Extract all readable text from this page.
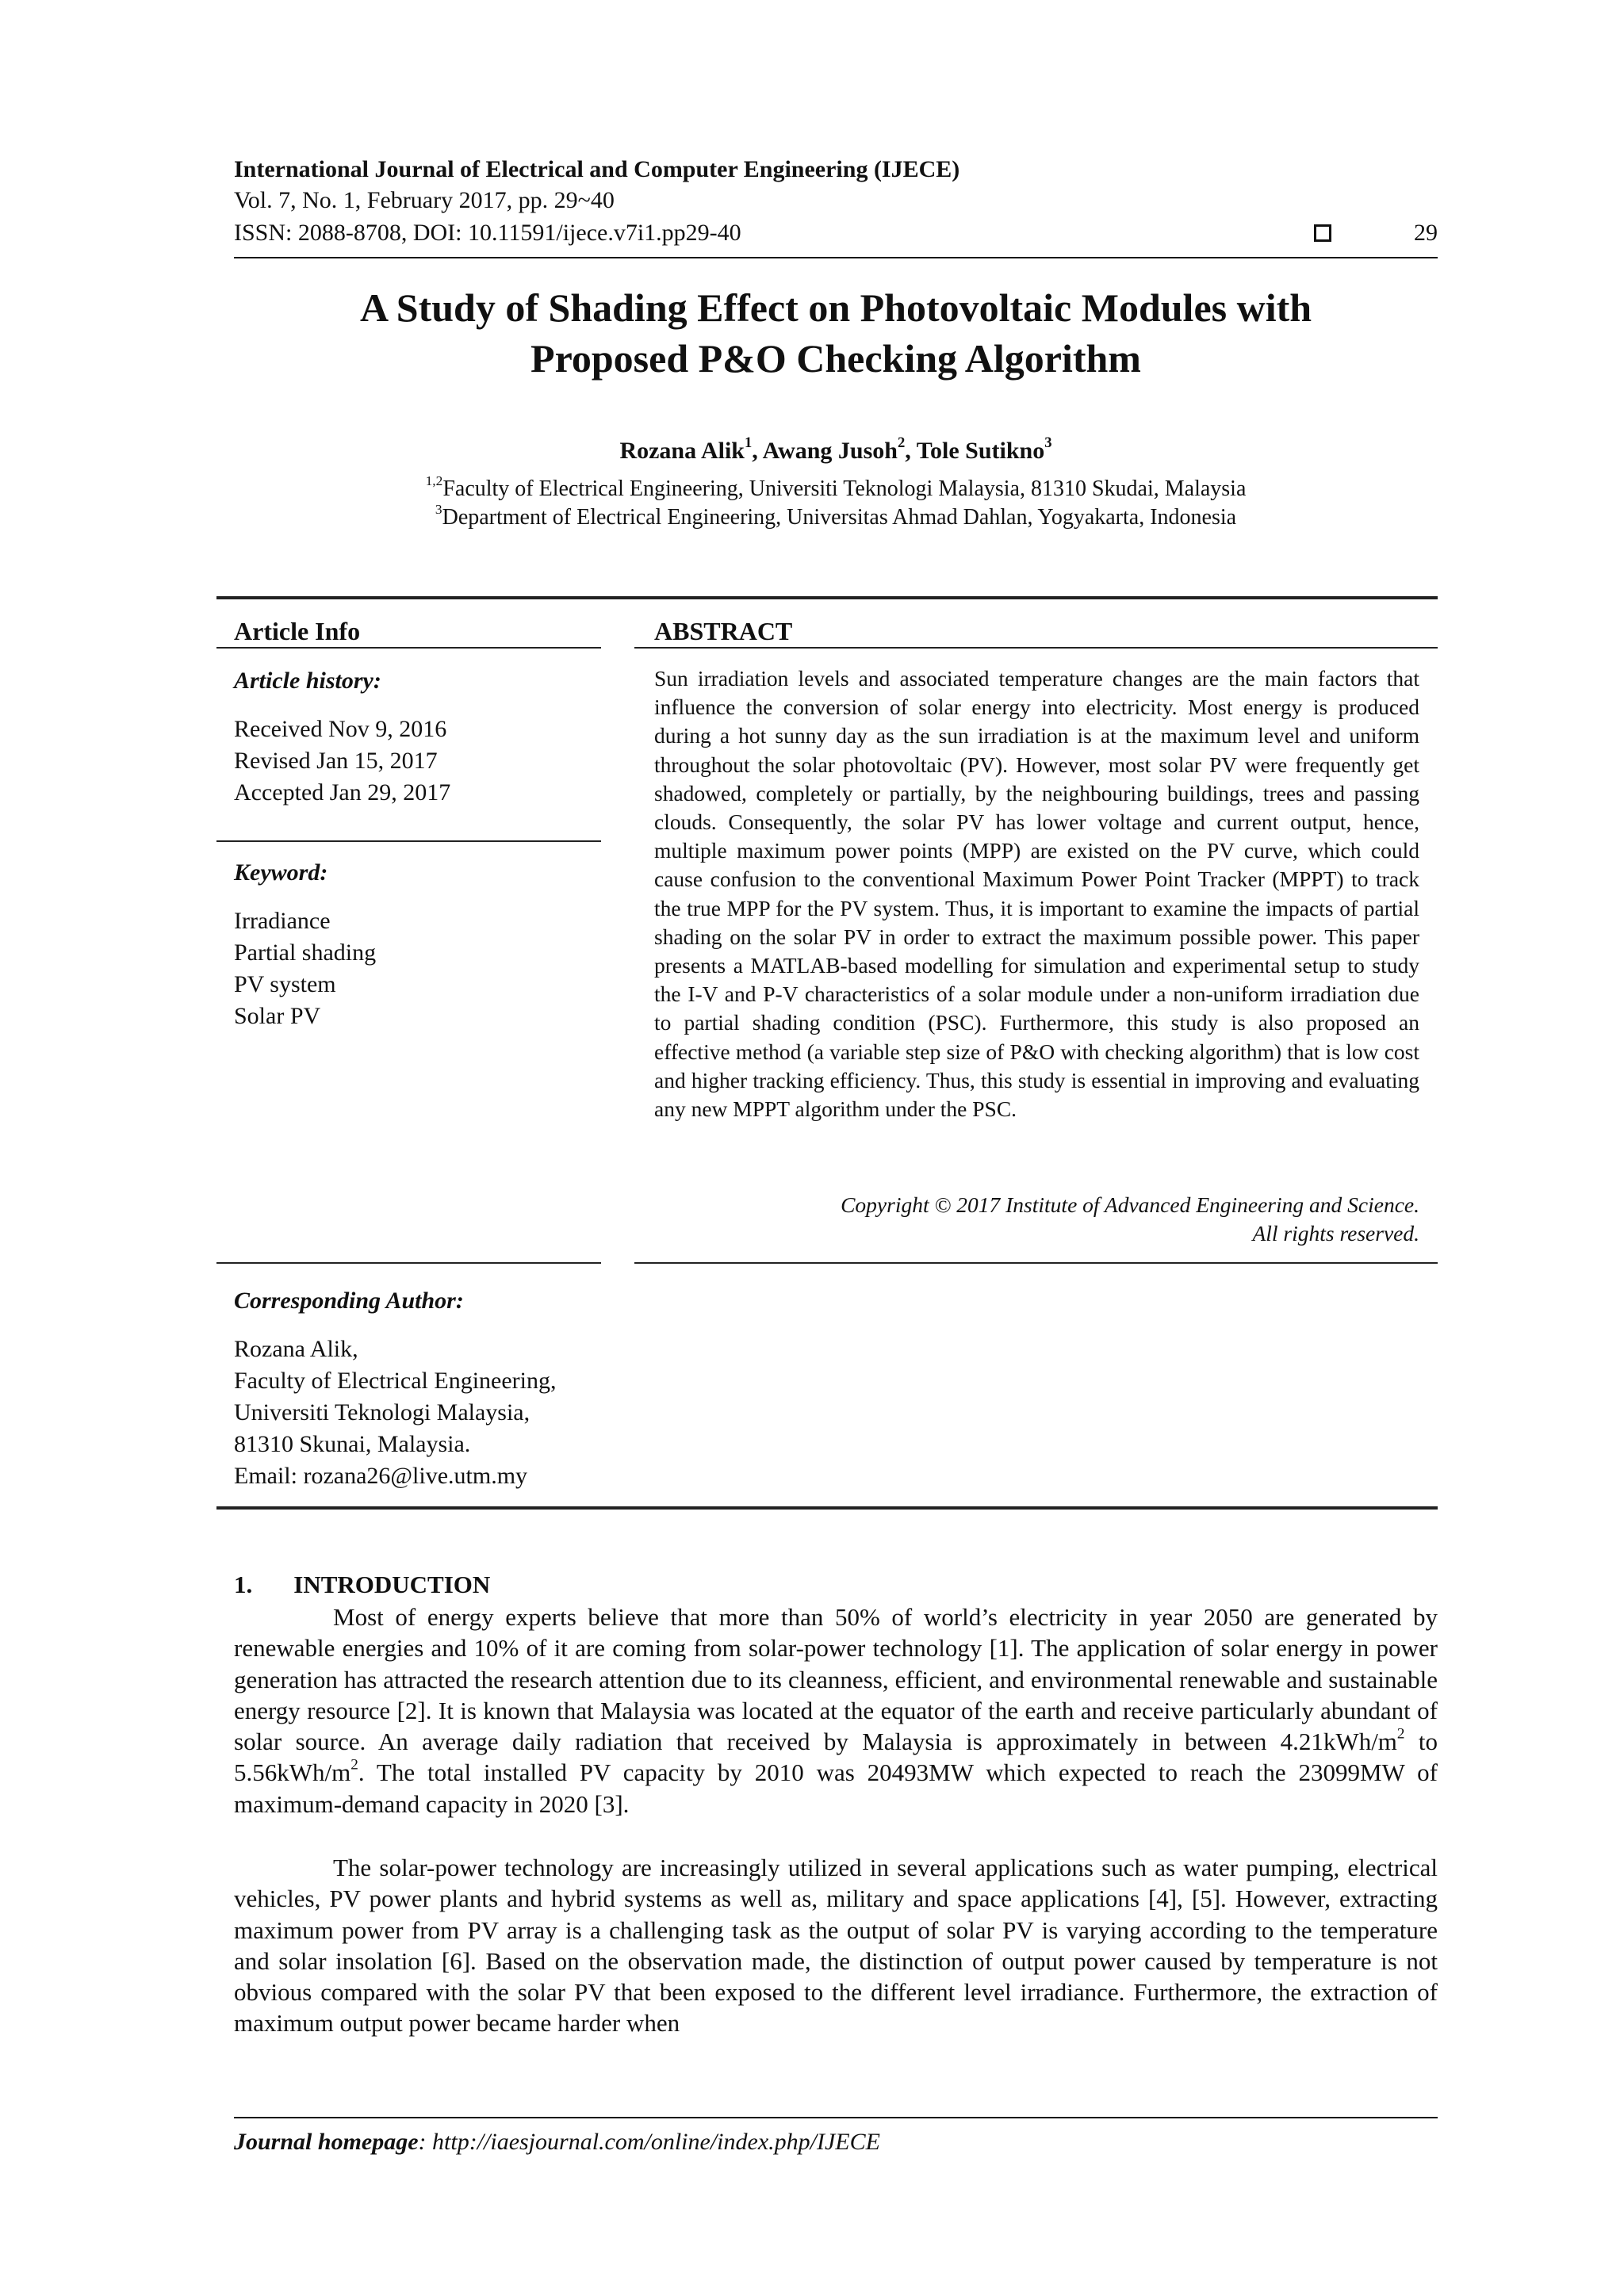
International Journal of Electrical and Computer Engineering (IJECE)
Vol. 7, No. 1, February 2017, pp. 29~40
ISSN: 2088-8708, DOI: 10.11591/ijece.v7i1.pp29-40	29
A Study of Shading Effect on Photovoltaic Modules with
Proposed P&O Checking Algorithm
Rozana Alik$^1$, Awang Jusoh$^2$, Tole Sutikno$^3$
$^{1,2}$Faculty of Electrical Engineering, Universiti Teknologi Malaysia, 81310 Skudai, Malaysia
$^3$Department of Electrical Engineering, Universitas Ahmad Dahlan, Yogyakarta, Indonesia
Article Info
Article history:
Received Nov 9, 2016
Revised Jan 15, 2017
Accepted Jan 29, 2017
Keyword:
Irradiance
Partial shading
PV system
Solar PV
ABSTRACT
Sun irradiation levels and associated temperature changes are the main factors that influence the conversion of solar energy into electricity. Most energy is produced during a hot sunny day as the sun irradiation is at the maximum level and uniform throughout the solar photovoltaic (PV). However, most solar PV were frequently get shadowed, completely or partially, by the neighbouring buildings, trees and passing clouds. Consequently, the solar PV has lower voltage and current output, hence, multiple maximum power points (MPP) are existed on the PV curve, which could cause confusion to the conventional Maximum Power Point Tracker (MPPT) to track the true MPP for the PV system. Thus, it is important to examine the impacts of partial shading on the solar PV in order to extract the maximum possible power. This paper presents a MATLAB-based modelling for simulation and experimental setup to study the I-V and P-V characteristics of a solar module under a non-uniform irradiation due to partial shading condition (PSC). Furthermore, this study is also proposed an effective method (a variable step size of P&O with checking algorithm) that is low cost and higher tracking efficiency. Thus, this study is essential in improving and evaluating any new MPPT algorithm under the PSC.
Copyright © 2017 Institute of Advanced Engineering and Science.
All rights reserved.
Corresponding Author:
Rozana Alik,
Faculty of Electrical Engineering,
Universiti Teknologi Malaysia,
81310 Skunai, Malaysia.
Email: rozana26@live.utm.my
1. INTRODUCTION
Most of energy experts believe that more than 50% of world’s electricity in year 2050 are generated by renewable energies and 10% of it are coming from solar-power technology [1]. The application of solar energy in power generation has attracted the research attention due to its cleanness, efficient, and environmental renewable and sustainable energy resource [2]. It is known that Malaysia was located at the equator of the earth and receive particularly abundant of solar source. An average daily radiation that received by Malaysia is approximately in between $4.21kWh/m^2$ to $5.56kWh/m^2$. The total installed PV capacity by 2010 was 20493MW which expected to reach the 23099MW of maximum-demand capacity in 2020 [3].
The solar-power technology are increasingly utilized in several applications such as water pumping, electrical vehicles, PV power plants and hybrid systems as well as, military and space applications [4], [5]. However, extracting maximum power from PV array is a challenging task as the output of solar PV is varying according to the temperature and solar insolation [6]. Based on the observation made, the distinction of output power caused by temperature is not obvious compared with the solar PV that been exposed to the different level irradiance. Furthermore, the extraction of maximum output power became harder when
Journal homepage: http://iaesjournal.com/online/index.php/IJECE
